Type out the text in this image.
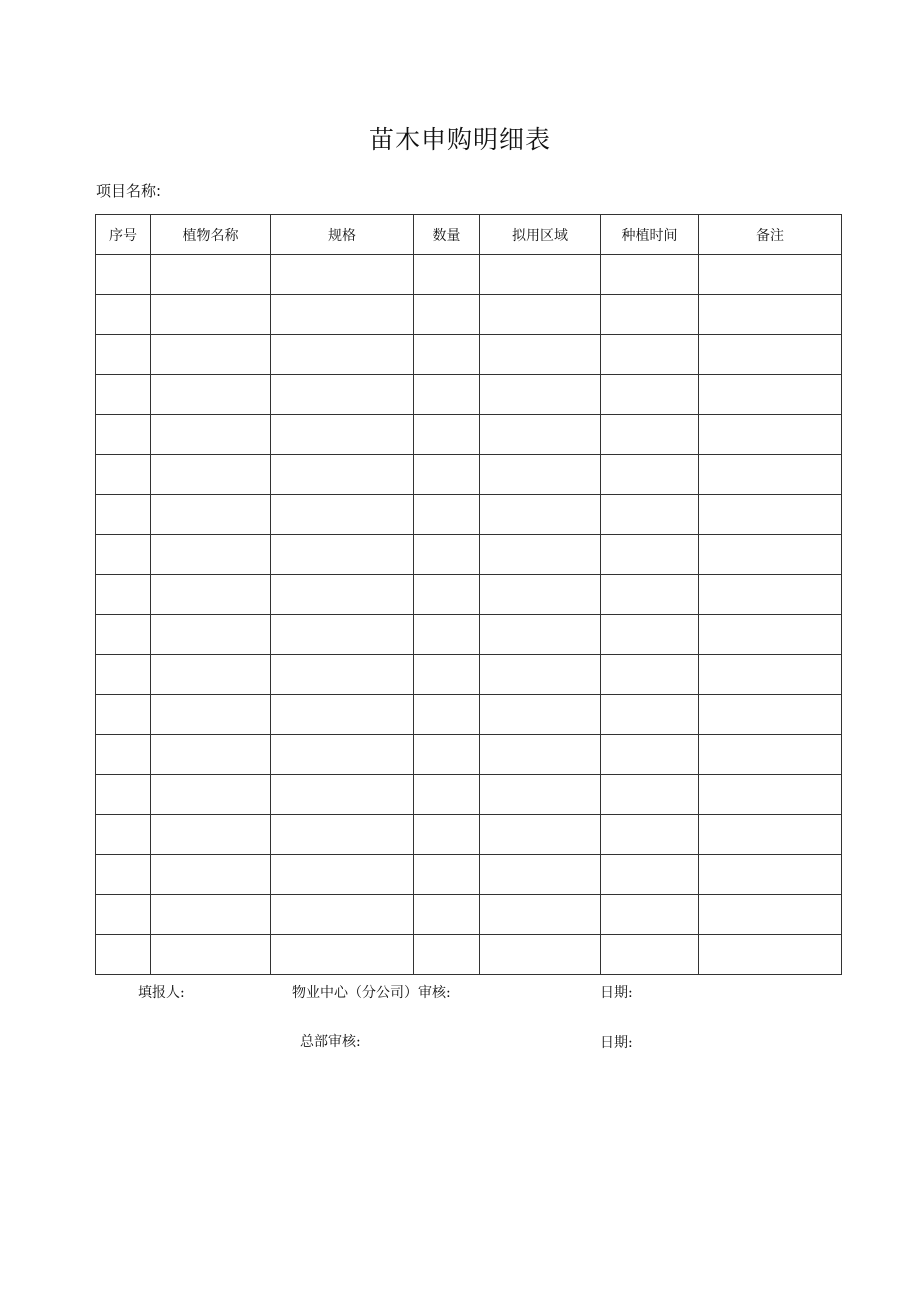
苗木申购明细表
项目名称:
序号	植物名称	规格	数量	拟用区域	种植时间	备注

填报人:	物业中心（分公司）审核:	日期:
总部审核:	日期:
